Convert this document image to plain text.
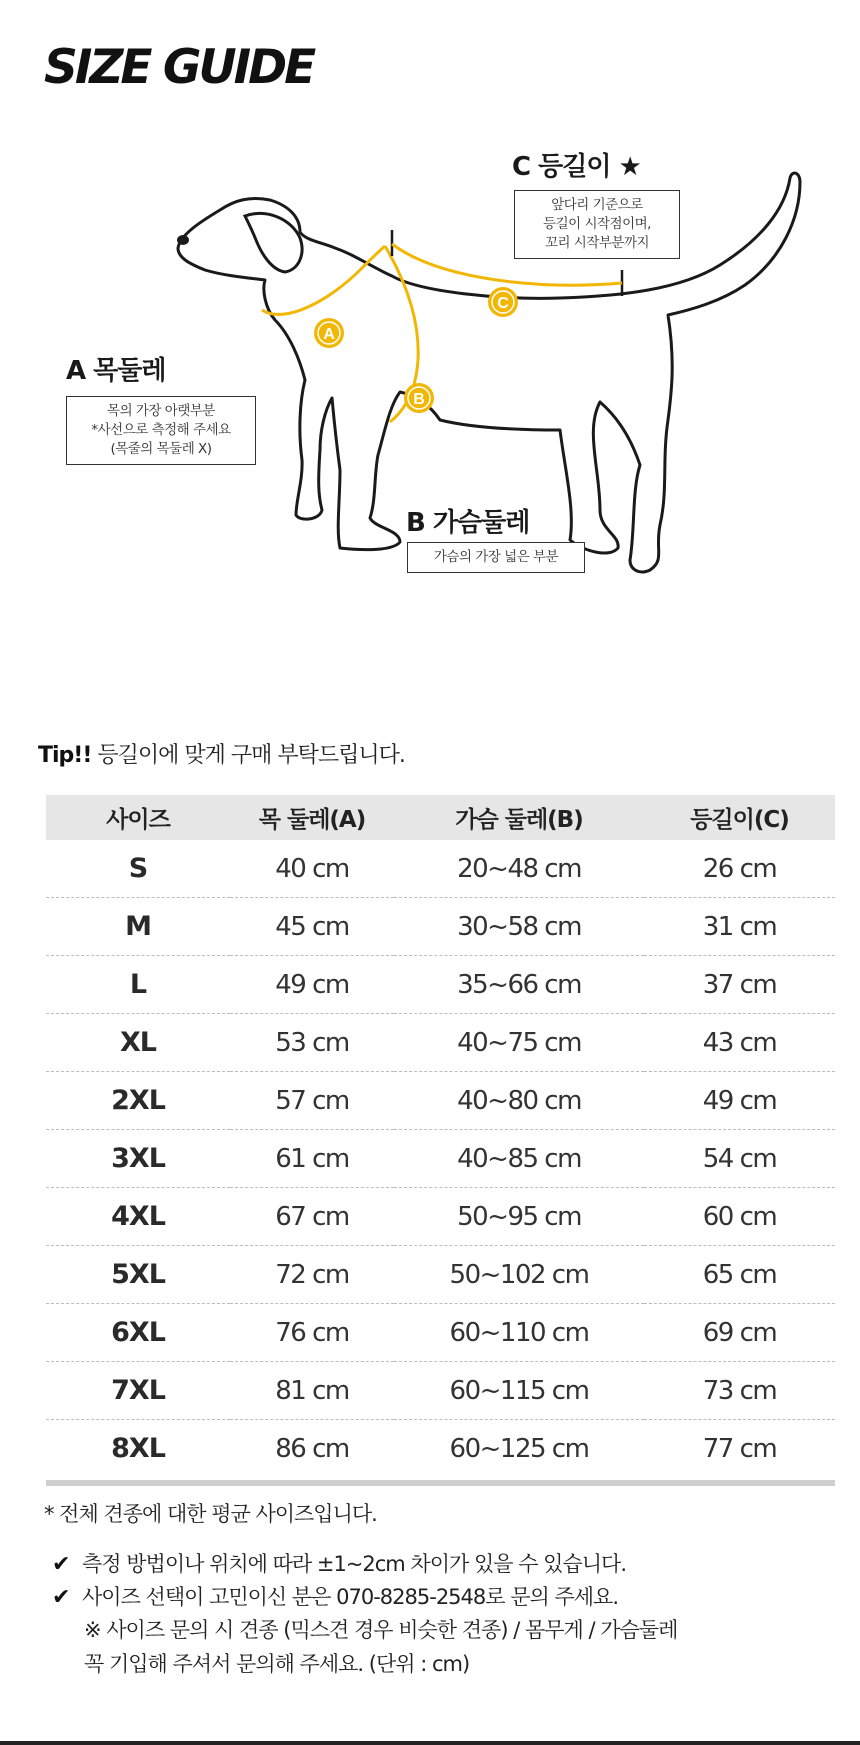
SIZE GUIDE
A
B
C
C 등길이 ★
앞다리 기준으로
등길이 시작점이며,
꼬리 시작부분까지
A 목둘레
목의 가장 아랫부분
*사선으로 측정해 주세요
(목줄의 목둘레 X)
B 가슴둘레
가슴의 가장 넓은 부분
Tip!! 등길이에 맞게 구매 부탁드립니다.
사이즈	목 둘레(A)	가슴 둘레(B)	등길이(C)
S	40 cm	20~48 cm	26 cm
M	45 cm	30~58 cm	31 cm
L	49 cm	35~66 cm	37 cm
XL	53 cm	40~75 cm	43 cm
2XL	57 cm	40~80 cm	49 cm
3XL	61 cm	40~85 cm	54 cm
4XL	67 cm	50~95 cm	60 cm
5XL	72 cm	50~102 cm	65 cm
6XL	76 cm	60~110 cm	69 cm
7XL	81 cm	60~115 cm	73 cm
8XL	86 cm	60~125 cm	77 cm
* 전체 견종에 대한 평균 사이즈입니다.
✔ 측정 방법이나 위치에 따라 ±1~2cm 차이가 있을 수 있습니다.
✔ 사이즈 선택이 고민이신 분은 070-8285-2548로 문의 주세요.
※ 사이즈 문의 시 견종 (믹스견 경우 비슷한 견종) / 몸무게 / 가슴둘레
꼭 기입해 주셔서 문의해 주세요. (단위 : cm)
